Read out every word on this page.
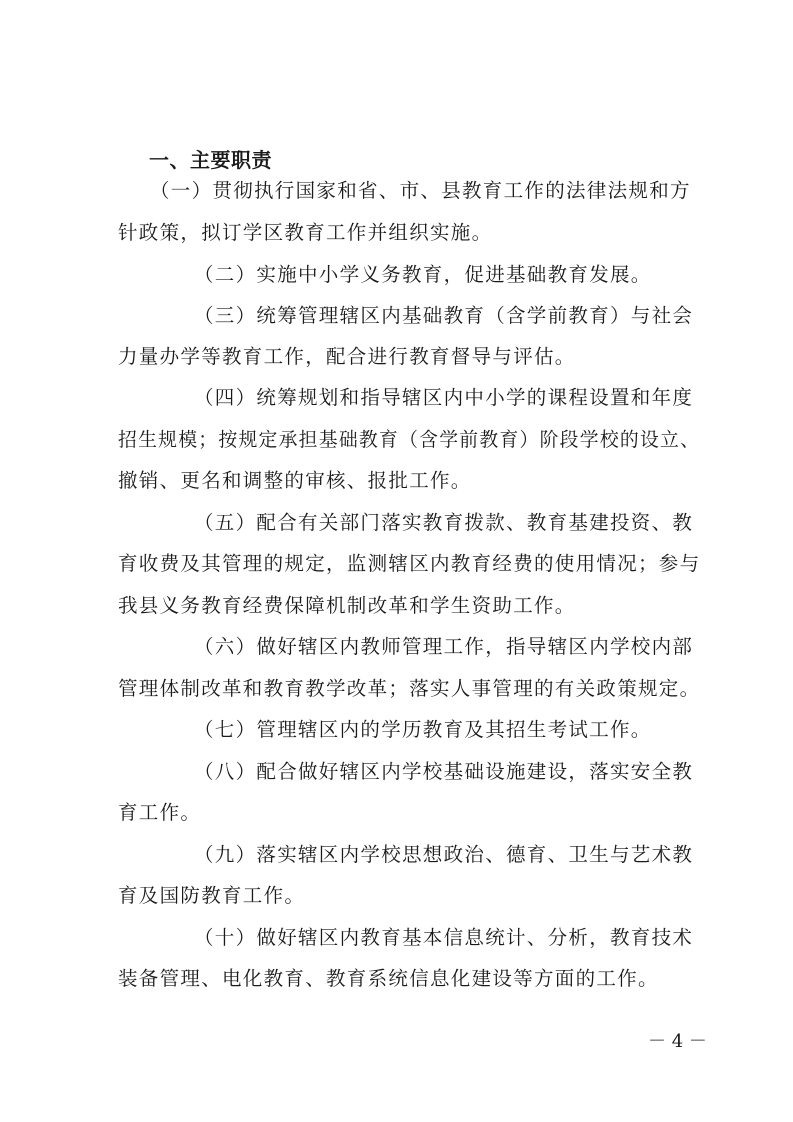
一、主要职责
（一）贯彻执行国家和省、市、县教育工作的法律法规和方
针政策，拟订学区教育工作并组织实施。
（二）实施中小学义务教育，促进基础教育发展。
（三）统筹管理辖区内基础教育（含学前教育）与社会
力量办学等教育工作，配合进行教育督导与评估。
（四）统筹规划和指导辖区内中小学的课程设置和年度
招生规模；按规定承担基础教育（含学前教育）阶段学校的设立、
撤销、更名和调整的审核、报批工作。
（五）配合有关部门落实教育拨款、教育基建投资、教
育收费及其管理的规定，监测辖区内教育经费的使用情况；参与
我县义务教育经费保障机制改革和学生资助工作。
（六）做好辖区内教师管理工作，指导辖区内学校内部
管理体制改革和教育教学改革；落实人事管理的有关政策规定。
（七）管理辖区内的学历教育及其招生考试工作。
（八）配合做好辖区内学校基础设施建设，落实安全教
育工作。
（九）落实辖区内学校思想政治、德育、卫生与艺术教
育及国防教育工作。
（十）做好辖区内教育基本信息统计、分析，教育技术
装备管理、电化教育、教育系统信息化建设等方面的工作。
－ 4 －
